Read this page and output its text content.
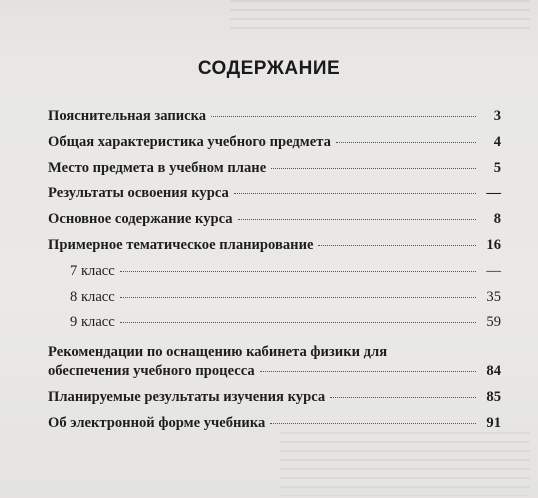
СОДЕРЖАНИЕ
Пояснительная записка	3
Общая характеристика учебного предмета	4
Место предмета в учебном плане	5
Результаты освоения курса	—
Основное содержание курса	8
Примерное тематическое планирование	16
7 класс	—
8 класс	35
9 класс	59
Рекомендации по оснащению кабинета физики для
обеспечения учебного процесса	84
Планируемые результаты изучения курса	85
Об электронной форме учебника	91
